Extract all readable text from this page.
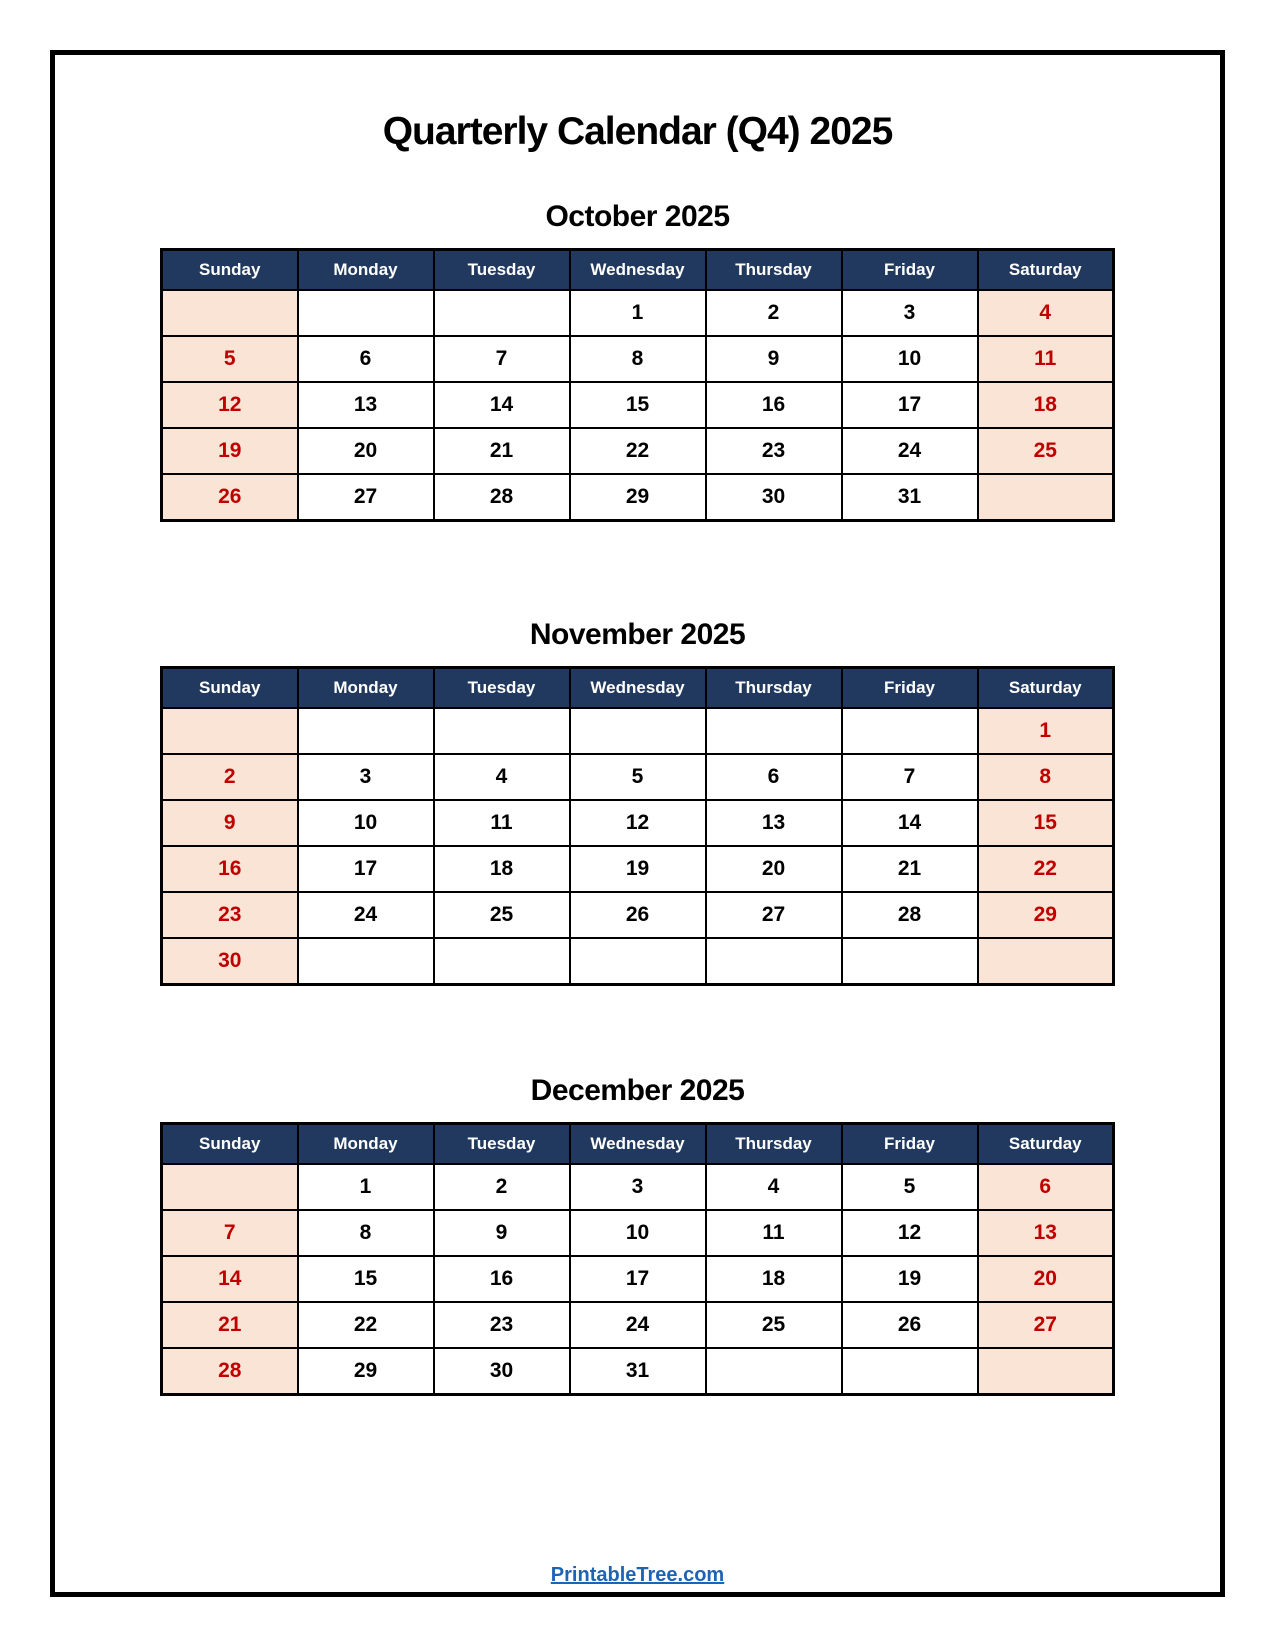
Quarterly Calendar (Q4) 2025
October 2025
Sunday	Monday	Tuesday	Wednesday	Thursday	Friday	Saturday
			1	2	3	4
5	6	7	8	9	10	11
12	13	14	15	16	17	18
19	20	21	22	23	24	25
26	27	28	29	30	31	
November 2025
Sunday	Monday	Tuesday	Wednesday	Thursday	Friday	Saturday
						1
2	3	4	5	6	7	8
9	10	11	12	13	14	15
16	17	18	19	20	21	22
23	24	25	26	27	28	29
30						
December 2025
Sunday	Monday	Tuesday	Wednesday	Thursday	Friday	Saturday
	1	2	3	4	5	6
7	8	9	10	11	12	13
14	15	16	17	18	19	20
21	22	23	24	25	26	27
28	29	30	31			
PrintableTree.com
